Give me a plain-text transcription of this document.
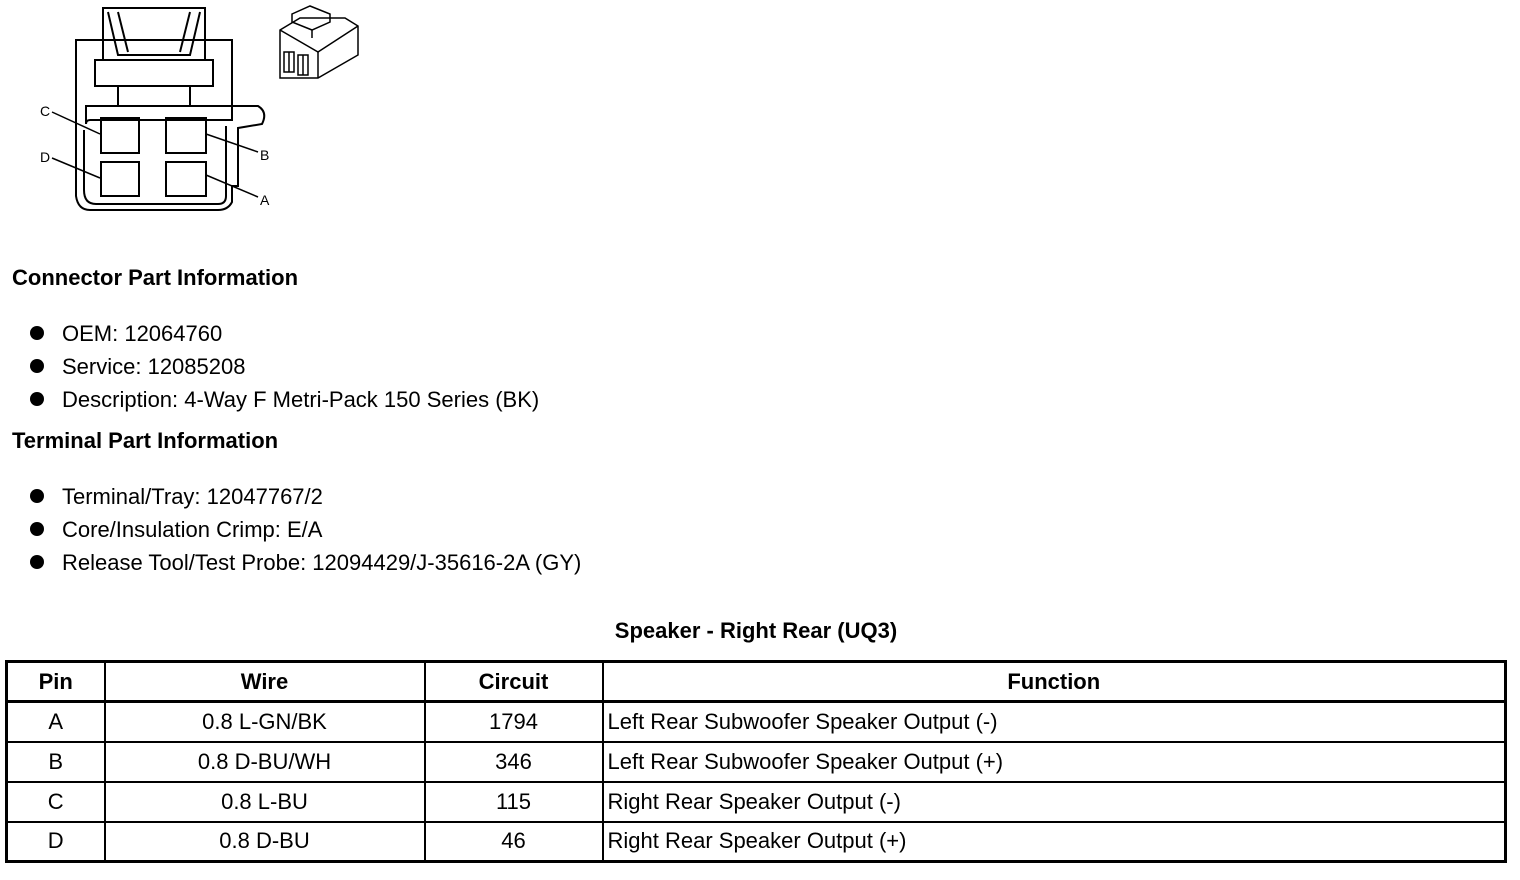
C
D	B
A
Connector Part Information
OEM: 12064760
Service: 12085208
Description: 4-Way F Metri-Pack 150 Series (BK)
Terminal Part Information
Terminal/Tray: 12047767/2
Core/Insulation Crimp: E/A
Release Tool/Test Probe: 12094429/J-35616-2A (GY)
Speaker - Right Rear (UQ3)
Pin	Wire	Circuit	Function
A	0.8 L-GN/BK	1794	Left Rear Subwoofer Speaker Output (-)
B	0.8 D-BU/WH	346	Left Rear Subwoofer Speaker Output (+)
C	0.8 L-BU	115	Right Rear Speaker Output (-)
D	0.8 D-BU	46	Right Rear Speaker Output (+)
